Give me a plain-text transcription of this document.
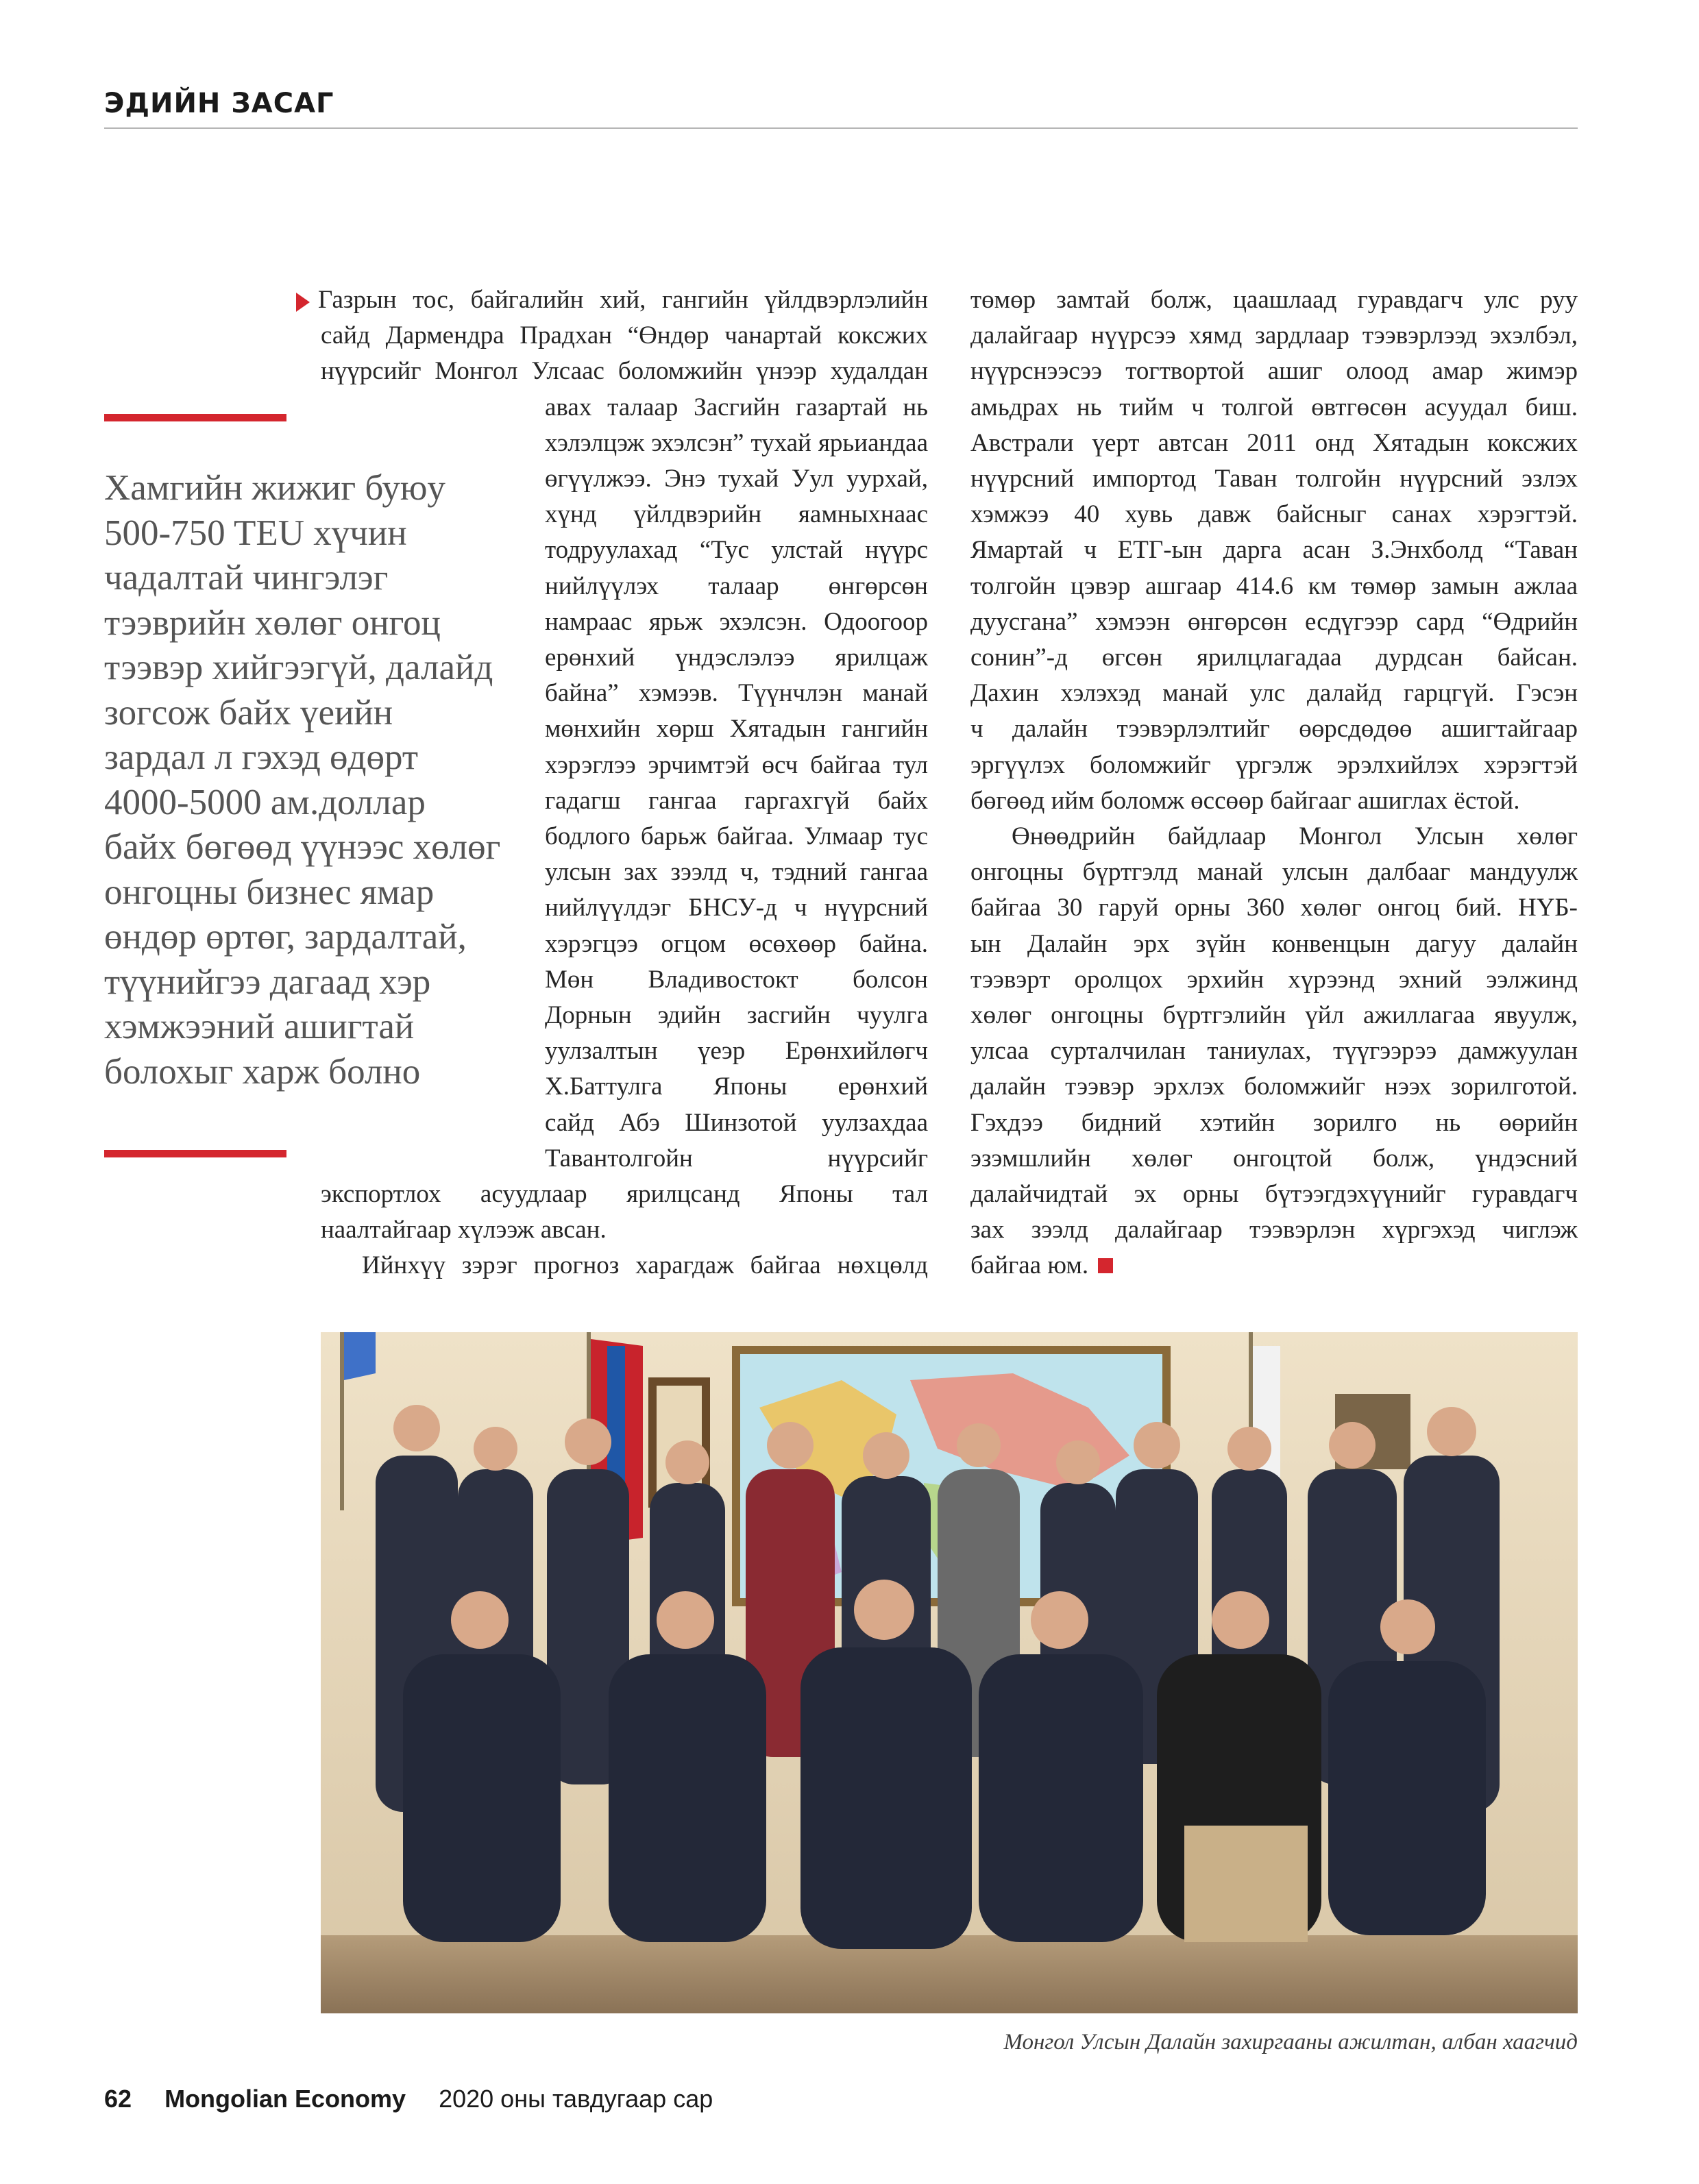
ЭДИЙН ЗАСАГ

Хамгийн жижиг буюу

500-750 TEU хүчин

чадалтай чингэлэг

тээврийн хөлөг онгоц

тээвэр хийгээгүй, далайд

зогсож байх үеийн

зардал л гэхэд өдөрт

4000-5000 ам.доллар

байх бөгөөд үүнээс хөлөг

онгоцны бизнес ямар

өндөр өртөг, зардалтай,

түүнийгээ дагаад хэр

хэмжээний ашигтай

болохыг харж болно

Газрын тос, байгалийн хий, гангийн үйлдвэрлэлийн
сайд Дармендра Прадхан “Өндөр чанартай коксжих
нүүрсийг Монгол Улсаас боломжийн үнээр худалдан
авах талаар Засгийн газартай нь
хэлэлцэж эхэлсэн” тухай ярьиандаа
өгүүлжээ. Энэ тухай Уул уурхай,
хүнд үйлдвэрийн яамныхнаас
тодруулахад “Тус улстай нүүрс
нийлүүлэх талаар өнгөрсөн
намраас ярьж эхэлсэн. Одоогоор
ерөнхий үндэслэлээ ярилцаж
байна” хэмээв. Түүнчлэн манай
мөнхийн хөрш Хятадын гангийн
хэрэглээ эрчимтэй өсч байгаа тул
гадагш гангаа гаргахгүй байх
бодлого барьж байгаа. Улмаар тус
улсын зах зээлд ч, тэдний гангаа
нийлүүлдэг БНСУ-д ч нүүрсний
хэрэгцээ огцом өсөхөөр байна.
Мөн Владивостокт болсон
Дорнын эдийн засгийн чуулга
уулзалтын үеэр Ерөнхийлөгч
Х.Баттулга Японы ерөнхий
сайд Абэ Шинзотой уулзахдаа
Тавантолгойн нүүрсийг
экспортлох асуудлаар ярилцсанд Японы тал
наалтайгаар хүлээж авсан.
Ийнхүү зэрэг прогноз харагдаж байгаа нөхцөлд
төмөр замтай болж, цаашлаад гуравдагч улс руу
далайгаар нүүрсээ хямд зардлаар тээвэрлээд эхэлбэл,
нүүрснээсээ тогтвортой ашиг олоод амар жимэр
амьдрах нь тийм ч толгой өвтгөсөн асуудал биш.
Австрали үерт автсан 2011 онд Хятадын коксжих
нүүрсний импортод Таван толгойн нүүрсний эзлэх
хэмжээ 40 хувь давж байсныг санах хэрэгтэй.
Ямартай ч ЕТГ-ын дарга асан З.Энхболд “Таван
толгойн цэвэр ашгаар 414.6 км төмөр замын ажлаа
дуусгана” хэмээн өнгөрсөн есдүгээр сард “Өдрийн
сонин”-д өгсөн ярилцлагадаа дурдсан байсан.
Дахин хэлэхэд манай улс далайд гарцгүй. Гэсэн
ч далайн тээвэрлэлтийг өөрсдөдөө ашигтайгаар
эргүүлэх боломжийг үргэлж эрэлхийлэх хэрэгтэй
бөгөөд ийм боломж өссөөр байгааг ашиглах ёстой.
Өнөөдрийн байдлаар Монгол Улсын хөлөг
онгоцны бүртгэлд манай улсын далбааг мандуулж
байгаа 30 гаруй орны 360 хөлөг онгоц бий. НҮБ-
ын Далайн эрх зүйн конвенцын дагуу далайн
тээвэрт оролцох эрхийн хүрээнд эхний ээлжинд
хөлөг онгоцны бүртгэлийн үйл ажиллагаа явуулж,
улсаа сурталчилан таниулах, түүгээрээ дамжуулан
далайн тээвэр эрхлэх боломжийг нээх зорилготой.
Гэхдээ бидний хэтийн зорилго нь өөрийн
эзэмшлийн хөлөг онгоцтой болж, үндэсний
далайчидтай эх орны бүтээгдэхүүнийг гуравдагч
зах зээлд далайгаар тээвэрлэн хүргэхэд чиглэж
байгаа юм.
Монгол Улсын Далайн захиргааны ажилтан, албан хаагчид
62 Mongolian Economy 2020 оны тавдугаар сар
